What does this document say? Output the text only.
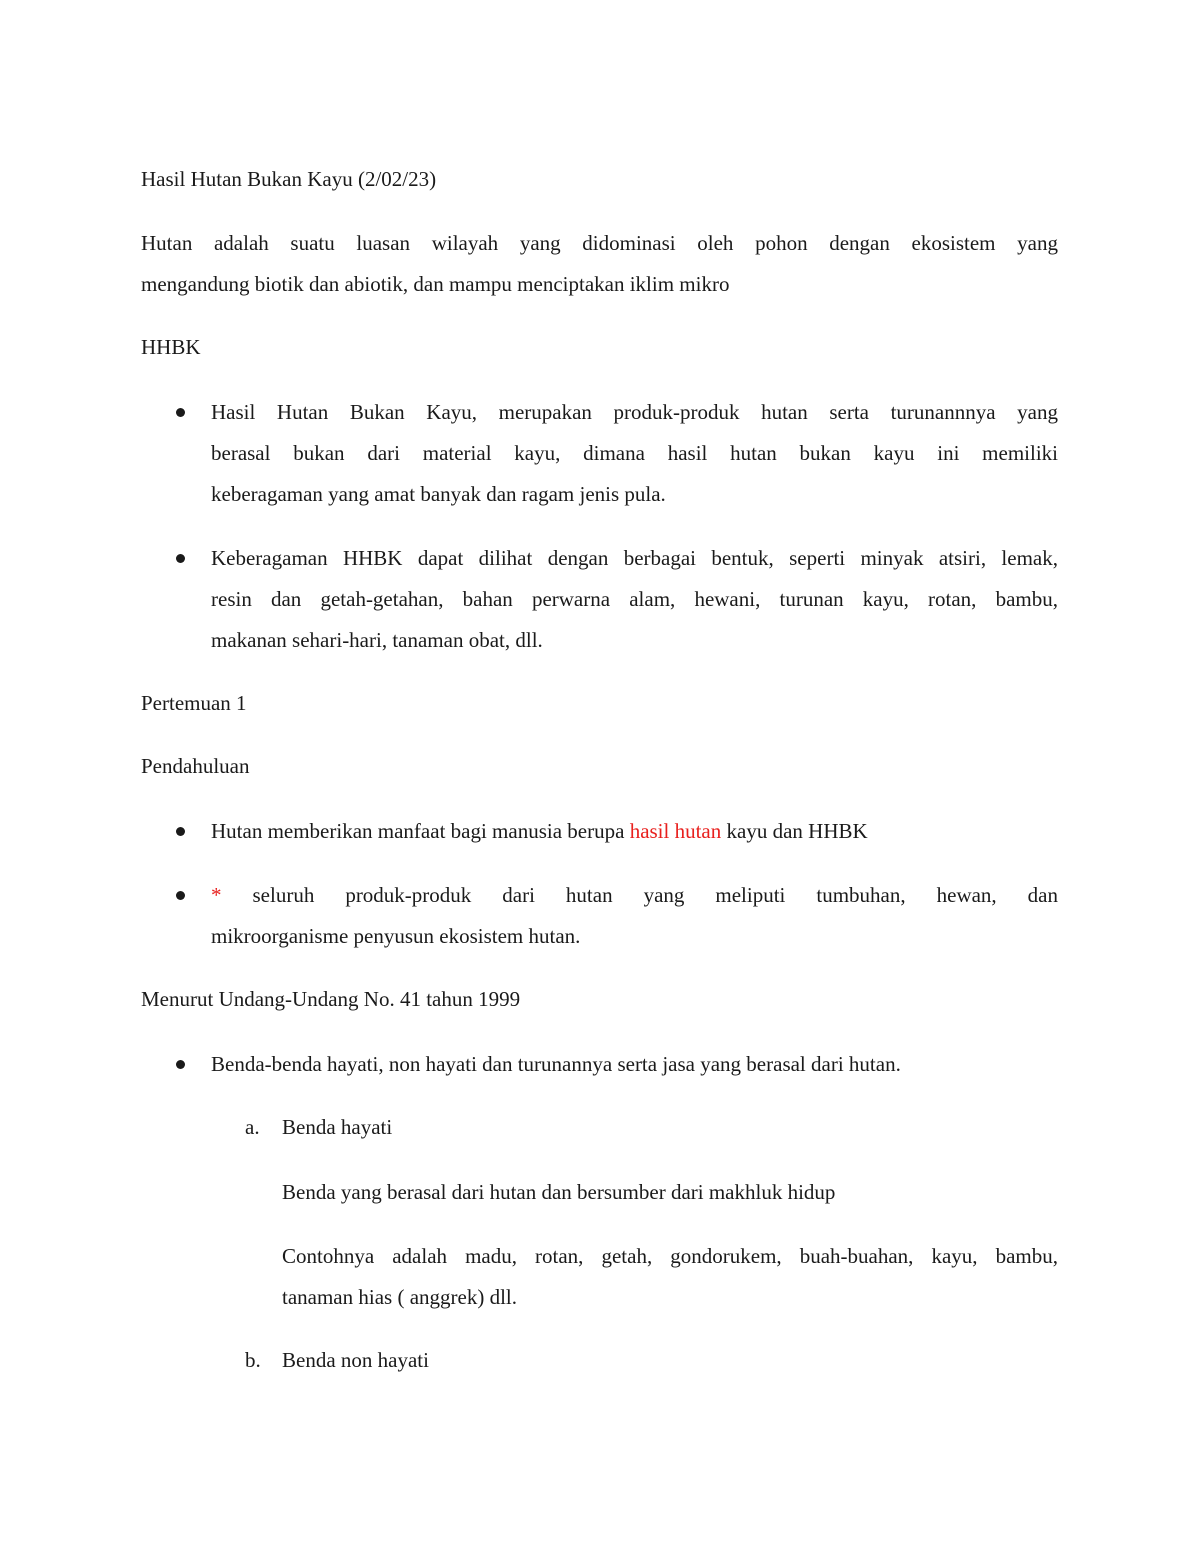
Hasil Hutan Bukan Kayu (2/02/23)

Hutan adalah suatu luasan wilayah yang didominasi oleh pohon dengan ekosistem yang

mengandung biotik dan abiotik, dan mampu menciptakan iklim mikro

HHBK

Hasil Hutan Bukan Kayu, merupakan produk-produk hutan serta turunannnya yang

berasal bukan dari material kayu, dimana hasil hutan bukan kayu ini memiliki

keberagaman yang amat banyak dan ragam jenis pula.

Keberagaman HHBK dapat dilihat dengan berbagai bentuk, seperti minyak atsiri, lemak,

resin dan getah-getahan, bahan perwarna alam, hewani, turunan kayu, rotan, bambu,

makanan sehari-hari, tanaman obat, dll.

Pertemuan 1

Pendahuluan

Hutan memberikan manfaat bagi manusia berupa hasil hutan kayu dan HHBK

* seluruh produk-produk dari hutan yang meliputi tumbuhan, hewan, dan

mikroorganisme penyusun ekosistem hutan.

Menurut Undang-Undang No. 41 tahun 1999

Benda-benda hayati, non hayati dan turunannya serta jasa yang berasal dari hutan.

a. Benda hayati

Benda yang berasal dari hutan dan bersumber dari makhluk hidup

Contohnya adalah madu, rotan, getah, gondorukem, buah-buahan, kayu, bambu,

tanaman hias ( anggrek) dll.

b. Benda non hayati
